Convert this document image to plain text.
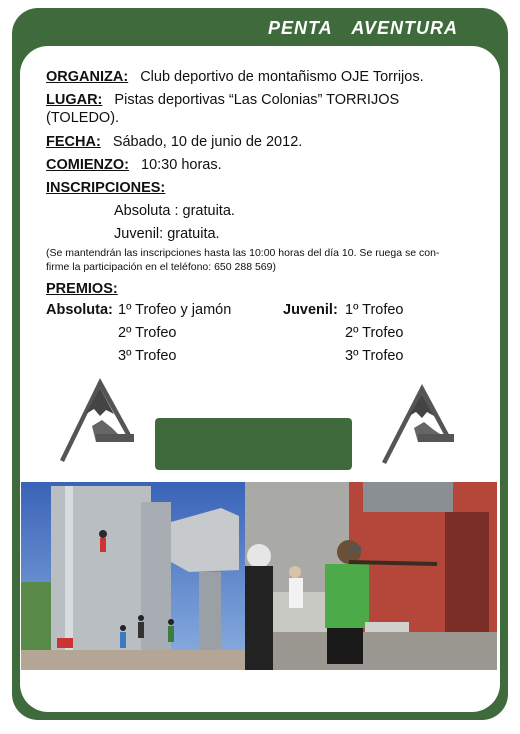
PENTA AVENTURA
ORGANIZA: Club deportivo de montañismo OJE Torrijos.
LUGAR: Pistas deportivas “Las Colonias” TORRIJOS
(TOLEDO).
FECHA: Sábado, 10 de junio de 2012.
COMIENZO: 10:30 horas.
INSCRIPCIONES:
Absoluta : gratuita.
Juvenil: gratuita.
(Se mantendrán las inscripciones hasta las 10:00 horas del día 10. Se ruega se con-
firme la participación en el teléfono: 650 288 569)
PREMIOS:
Absoluta: 1º Trofeo y jamón
2º Trofeo
3º Trofeo
Juvenil: 1º Trofeo
2º Trofeo
3º Trofeo
